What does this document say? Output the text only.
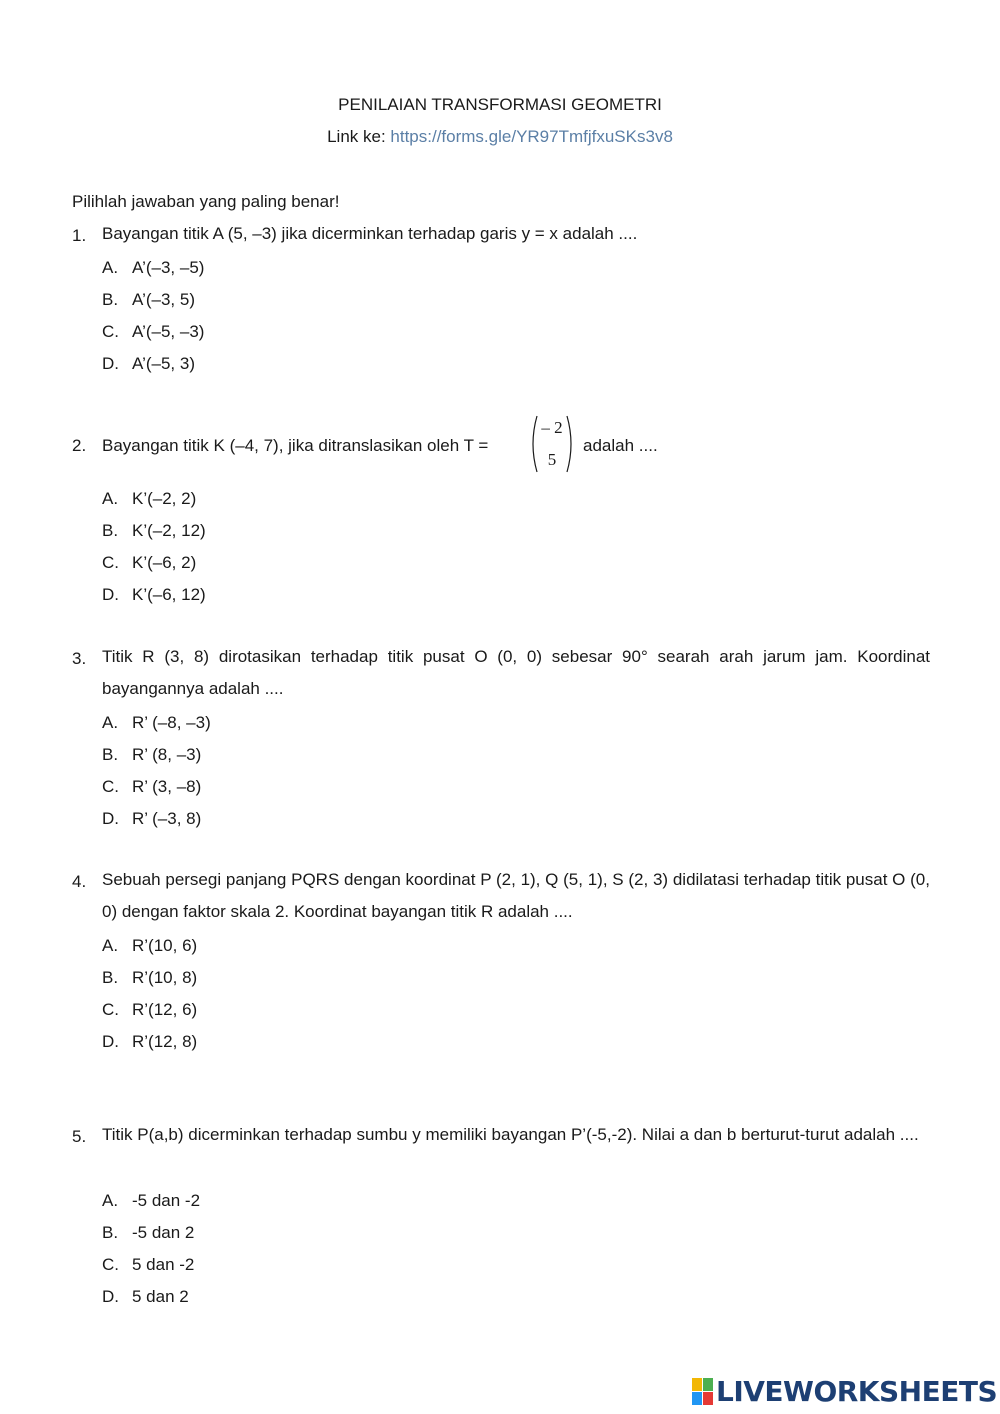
PENILAIAN TRANSFORMASI GEOMETRI
Link ke: https://forms.gle/YR97TmfjfxuSKs3v8
Pilihlah jawaban yang paling benar!
1. Bayangan titik A (5, –3) jika dicerminkan terhadap garis y = x adalah ....
A. A’(–3, –5)
B. A’(–3, 5)
C. A’(–5, –3)
D. A’(–5, 3)
2. Bayangan titik K (–4, 7), jika ditranslasikan oleh T =
– 2
5
adalah ....
A. K’(–2, 2)
B. K’(–2, 12)
C. K’(–6, 2)
D. K’(–6, 12)
3. Titik R (3, 8) dirotasikan terhadap titik pusat O (0, 0) sebesar 90° searah arah jarum jam. Koordinat bayangannya adalah ....
A. R’ (–8, –3)
B. R’ (8, –3)
C. R’ (3, –8)
D. R’ (–3, 8)
4. Sebuah persegi panjang PQRS dengan koordinat P (2, 1), Q (5, 1), S (2, 3) didilatasi terhadap titik pusat O (0, 0) dengan faktor skala 2. Koordinat bayangan titik R adalah ....
A. R’(10, 6)
B. R’(10, 8)
C. R’(12, 6)
D. R’(12, 8)
5. Titik P(a,b) dicerminkan terhadap sumbu y memiliki bayangan P’(-5,-2). Nilai a dan b berturut-turut adalah ....
A. -5 dan -2
B. -5 dan 2
C. 5 dan -2
D. 5 dan 2
LIVEWORKSHEETS
